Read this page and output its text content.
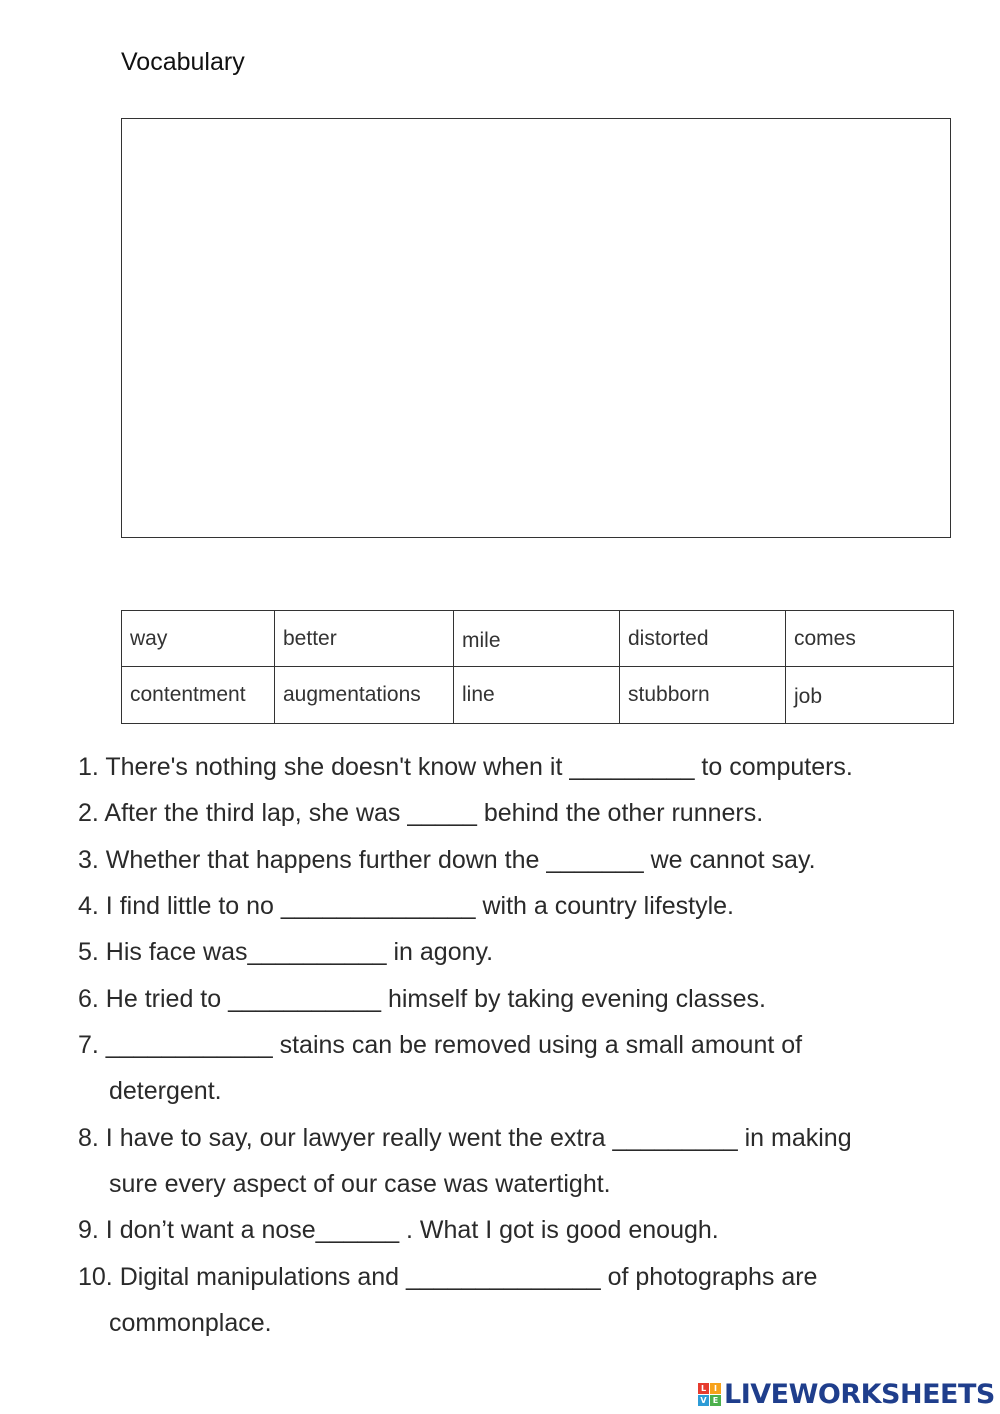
Vocabulary
way	better	mile	distorted	comes
contentment	augmentations	line	stubborn	job
1. There's nothing she doesn't know when it _________ to computers.
2. After the third lap, she was _____ behind the other runners.
3. Whether that happens further down the _______ we cannot say.
4. I find little to no ______________ with a country lifestyle.
5. His face was__________ in agony.
6. He tried to ___________ himself by taking evening classes.
7. ____________ stains can be removed using a small amount of
detergent.
8. I have to say, our lawyer really went the extra _________ in making
sure every aspect of our case was watertight.
9. I don’t want a nose______ . What I got is good enough.
10. Digital manipulations and ______________ of photographs are
commonplace.
L I
V E LIVEWORKSHEETS
